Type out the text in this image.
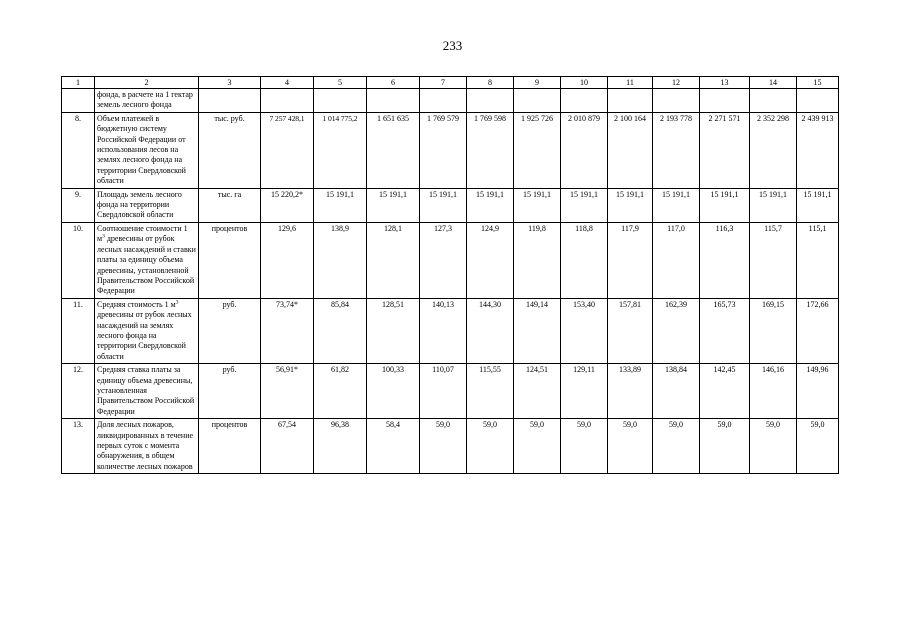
233
1	2	3	4	5	6	7	8	9	10	11	12	13	14	15
	фонда, в расчете на 1 гектар земель лесного фонда													
8.	Объем платежей в бюджетную систему Российской Федерации от использования лесов на землях лесного фонда на территории Свердловской области	тыс. руб.	7 257 428,1	1 014 775,2	1 651 635	1 769 579	1 769 598	1 925 726	2 010 879	2 100 164	2 193 778	2 271 571	2 352 298	2 439 913
9.	Площадь земель лесного фонда на территории Свердловской области	тыс. га	15 220,2*	15 191,1	15 191,1	15 191,1	15 191,1	15 191,1	15 191,1	15 191,1	15 191,1	15 191,1	15 191,1	15 191,1
10.	Соотношение стоимости 1 $м^3$ древесины от рубок лесных насаждений и ставки платы за единицу объема древесины, установленной Правительством Российской Федерации	процентов	129,6	138,9	128,1	127,3	124,9	119,8	118,8	117,9	117,0	116,3	115,7	115,1
11.	Средняя стоимость 1 $м^3$ древесины от рубок лесных насаждений на землях лесного фонда на территории Свердловской области	руб.	73,74*	85,84	128,51	140,13	144,30	149,14	153,40	157,81	162,39	165,73	169,15	172,66
12.	Средняя ставка платы за единицу объема древесины, установленная Правительством Российской Федерации	руб.	56,91*	61,82	100,33	110,07	115,55	124,51	129,11	133,89	138,84	142,45	146,16	149,96
13.	Доля лесных пожаров, ликвидированных в течение первых суток с момента обнаружения, в общем количестве лесных пожаров	процентов	67,54	96,38	58,4	59,0	59,0	59,0	59,0	59,0	59,0	59,0	59,0	59,0
